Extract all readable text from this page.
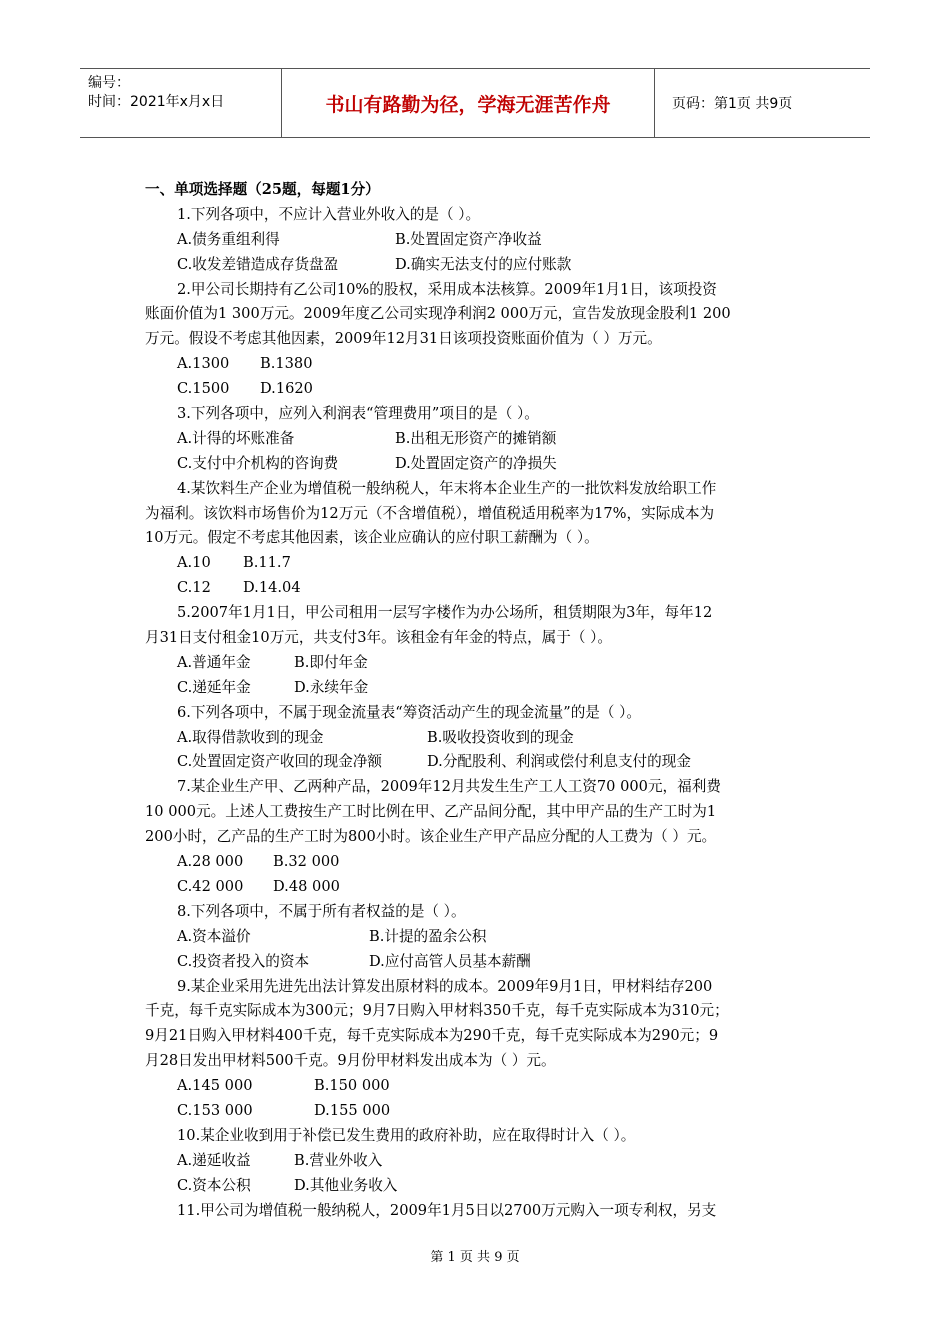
编号：
时间：2021年x月x日	书山有路勤为径，学海无涯苦作舟	页码：第1页 共9页
一、单项选择题（25题，每题1分）
1.下列各项中，不应计入营业外收入的是（ ）。
A.债务重组利得	B.处置固定资产净收益
C.收发差错造成存货盘盈	D.确实无法支付的应付账款
2.甲公司长期持有乙公司10%的股权，采用成本法核算。2009年1月1日，该项投资
账面价值为1 300万元。2009年度乙公司实现净利润2 000万元，宣告发放现金股利1 200
万元。假设不考虑其他因素，2009年12月31日该项投资账面价值为（ ）万元。
A.1300	B.1380
C.1500	D.1620
3.下列各项中，应列入利润表“管理费用”项目的是（ ）。
A.计得的坏账准备	B.出租无形资产的摊销额
C.支付中介机构的咨询费	D.处置固定资产的净损失
4.某饮料生产企业为增值税一般纳税人，年末将本企业生产的一批饮料发放给职工作
为福利。该饮料市场售价为12万元（不含增值税），增值税适用税率为17%，实际成本为
10万元。假定不考虑其他因素，该企业应确认的应付职工薪酬为（ ）。
A.10	B.11.7
C.12	D.14.04
5.2007年1月1日，甲公司租用一层写字楼作为办公场所，租赁期限为3年，每年12
月31日支付租金10万元，共支付3年。该租金有年金的特点，属于（ ）。
A.普通年金	B.即付年金
C.递延年金	D.永续年金
6.下列各项中，不属于现金流量表“筹资活动产生的现金流量”的是（ ）。
A.取得借款收到的现金	B.吸收投资收到的现金
C.处置固定资产收回的现金净额	D.分配股利、利润或偿付利息支付的现金
7.某企业生产甲、乙两种产品，2009年12月共发生生产工人工资70 000元，福利费
10 000元。上述人工费按生产工时比例在甲、乙产品间分配，其中甲产品的生产工时为1
200小时，乙产品的生产工时为800小时。该企业生产甲产品应分配的人工费为（ ）元。
A.28 000	B.32 000
C.42 000	D.48 000
8.下列各项中，不属于所有者权益的是（ ）。
A.资本溢价	B.计提的盈余公积
C.投资者投入的资本	D.应付高管人员基本薪酬
9.某企业采用先进先出法计算发出原材料的成本。2009年9月1日，甲材料结存200
千克，每千克实际成本为300元；9月7日购入甲材料350千克，每千克实际成本为310元；
9月21日购入甲材料400千克，每千克实际成本为290千克，每千克实际成本为290元；9
月28日发出甲材料500千克。9月份甲材料发出成本为（ ）元。
A.145 000	B.150 000
C.153 000	D.155 000
10.某企业收到用于补偿已发生费用的政府补助，应在取得时计入（ ）。
A.递延收益	B.营业外收入
C.资本公积	D.其他业务收入
11.甲公司为增值税一般纳税人，2009年1月5日以2700万元购入一项专利权，另支
第 1 页 共 9 页
